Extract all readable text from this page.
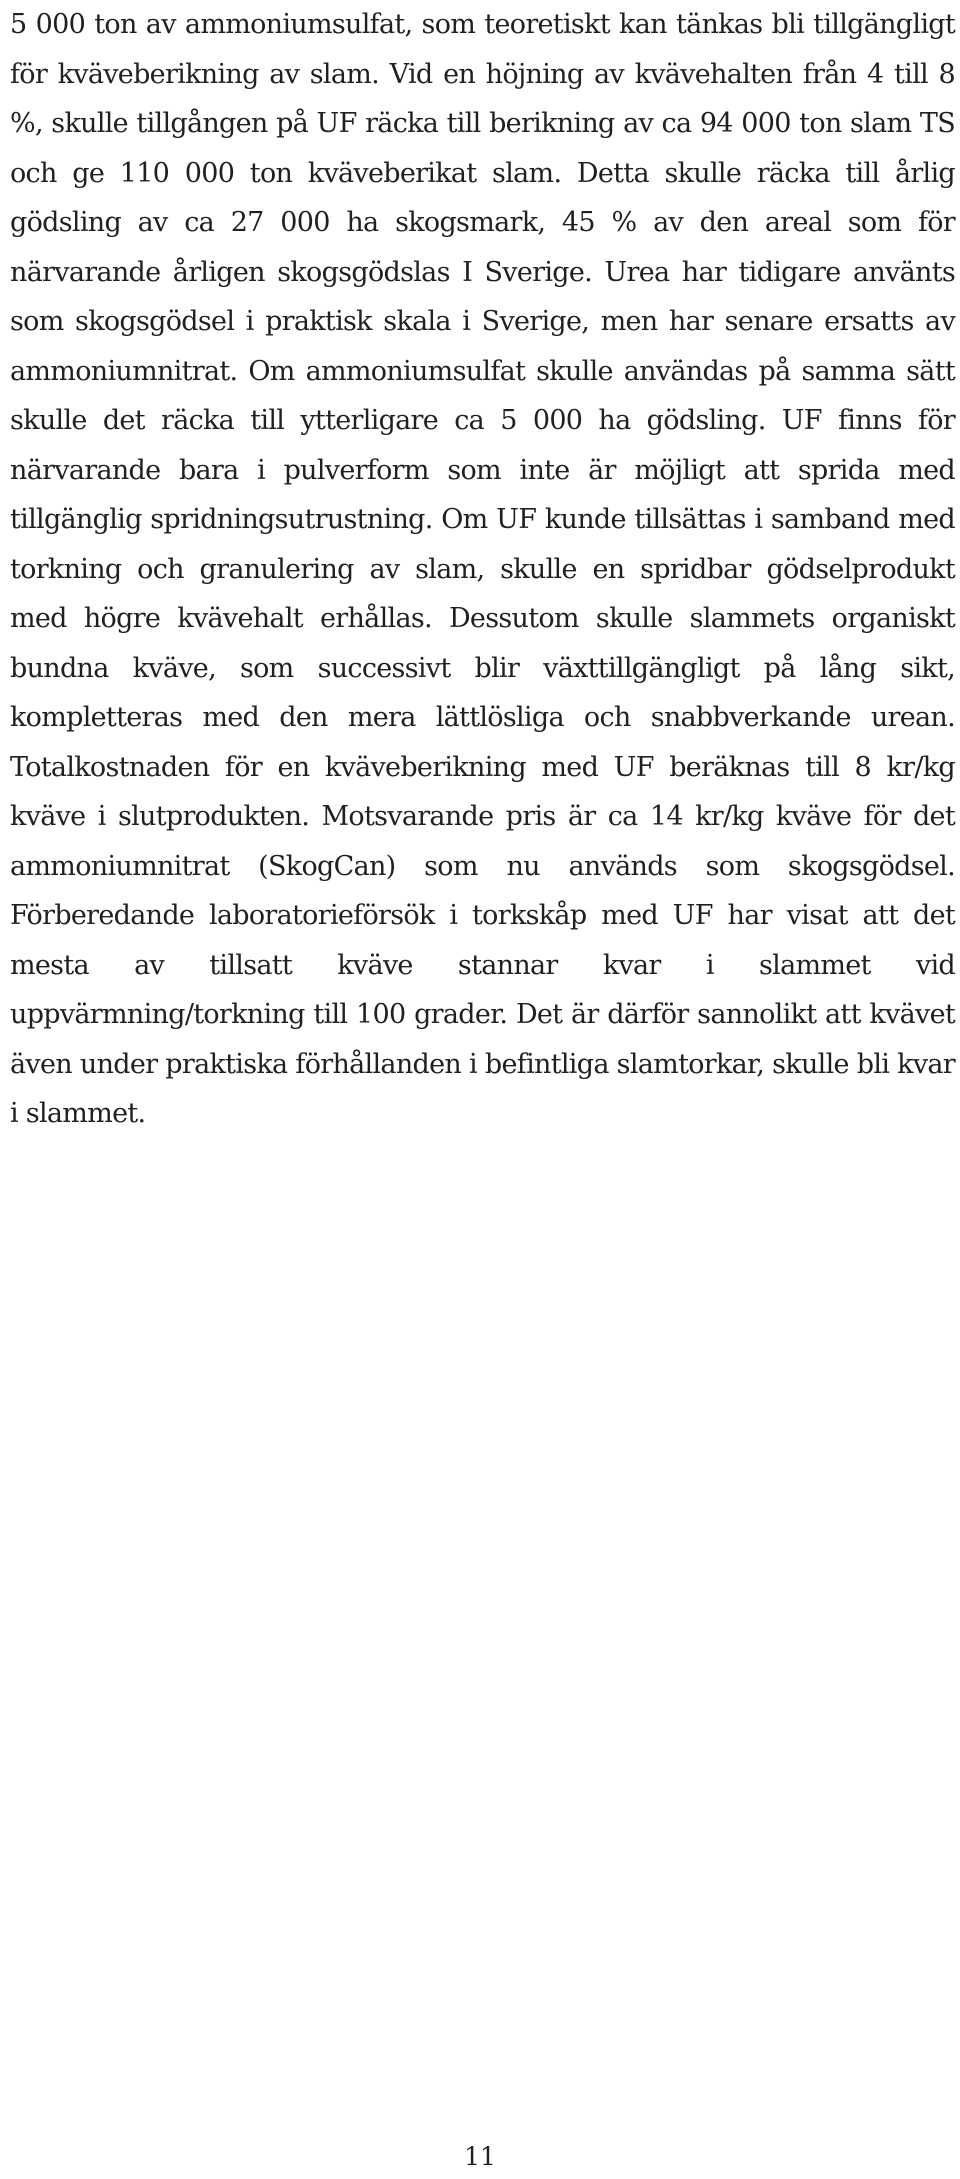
5 000 ton av ammoniumsulfat, som teoretiskt kan tänkas bli tillgängligt för kväveberikning av slam. Vid en höjning av kvävehalten från 4 till 8 %, skulle tillgången på UF räcka till berikning av ca 94 000 ton slam TS och ge 110 000 ton kväveberikat slam. Detta skulle räcka till årlig gödsling av ca 27 000 ha skogsmark, 45 % av den areal som för närvarande årligen skogsgödslas I Sverige. Urea har tidigare använts som skogsgödsel i praktisk skala i Sverige, men har senare ersatts av ammoniumnitrat. Om ammoniumsulfat skulle användas på samma sätt skulle det räcka till ytterligare ca 5 000 ha gödsling. UF finns för närvarande bara i pulverform som inte är möjligt att sprida med tillgänglig spridningsutrustning. Om UF kunde tillsättas i samband med torkning och granulering av slam, skulle en spridbar gödselprodukt med högre kvävehalt erhållas. Dessutom skulle slammets organiskt bundna kväve, som successivt blir växttillgängligt på lång sikt, kompletteras med den mera lättlösliga och snabbverkande urean. Totalkostnaden för en kväveberikning med UF beräknas till 8 kr/kg kväve i slutprodukten. Motsvarande pris är ca 14 kr/kg kväve för det ammoniumnitrat (SkogCan) som nu används som skogsgödsel. Förberedande laboratorieförsök i torkskåp med UF har visat att det mesta av tillsatt kväve stannar kvar i slammet vid uppvärmning/torkning till 100 grader. Det är därför sannolikt att kvävet även under praktiska förhållanden i befintliga slamtorkar, skulle bli kvar i slammet.

11
